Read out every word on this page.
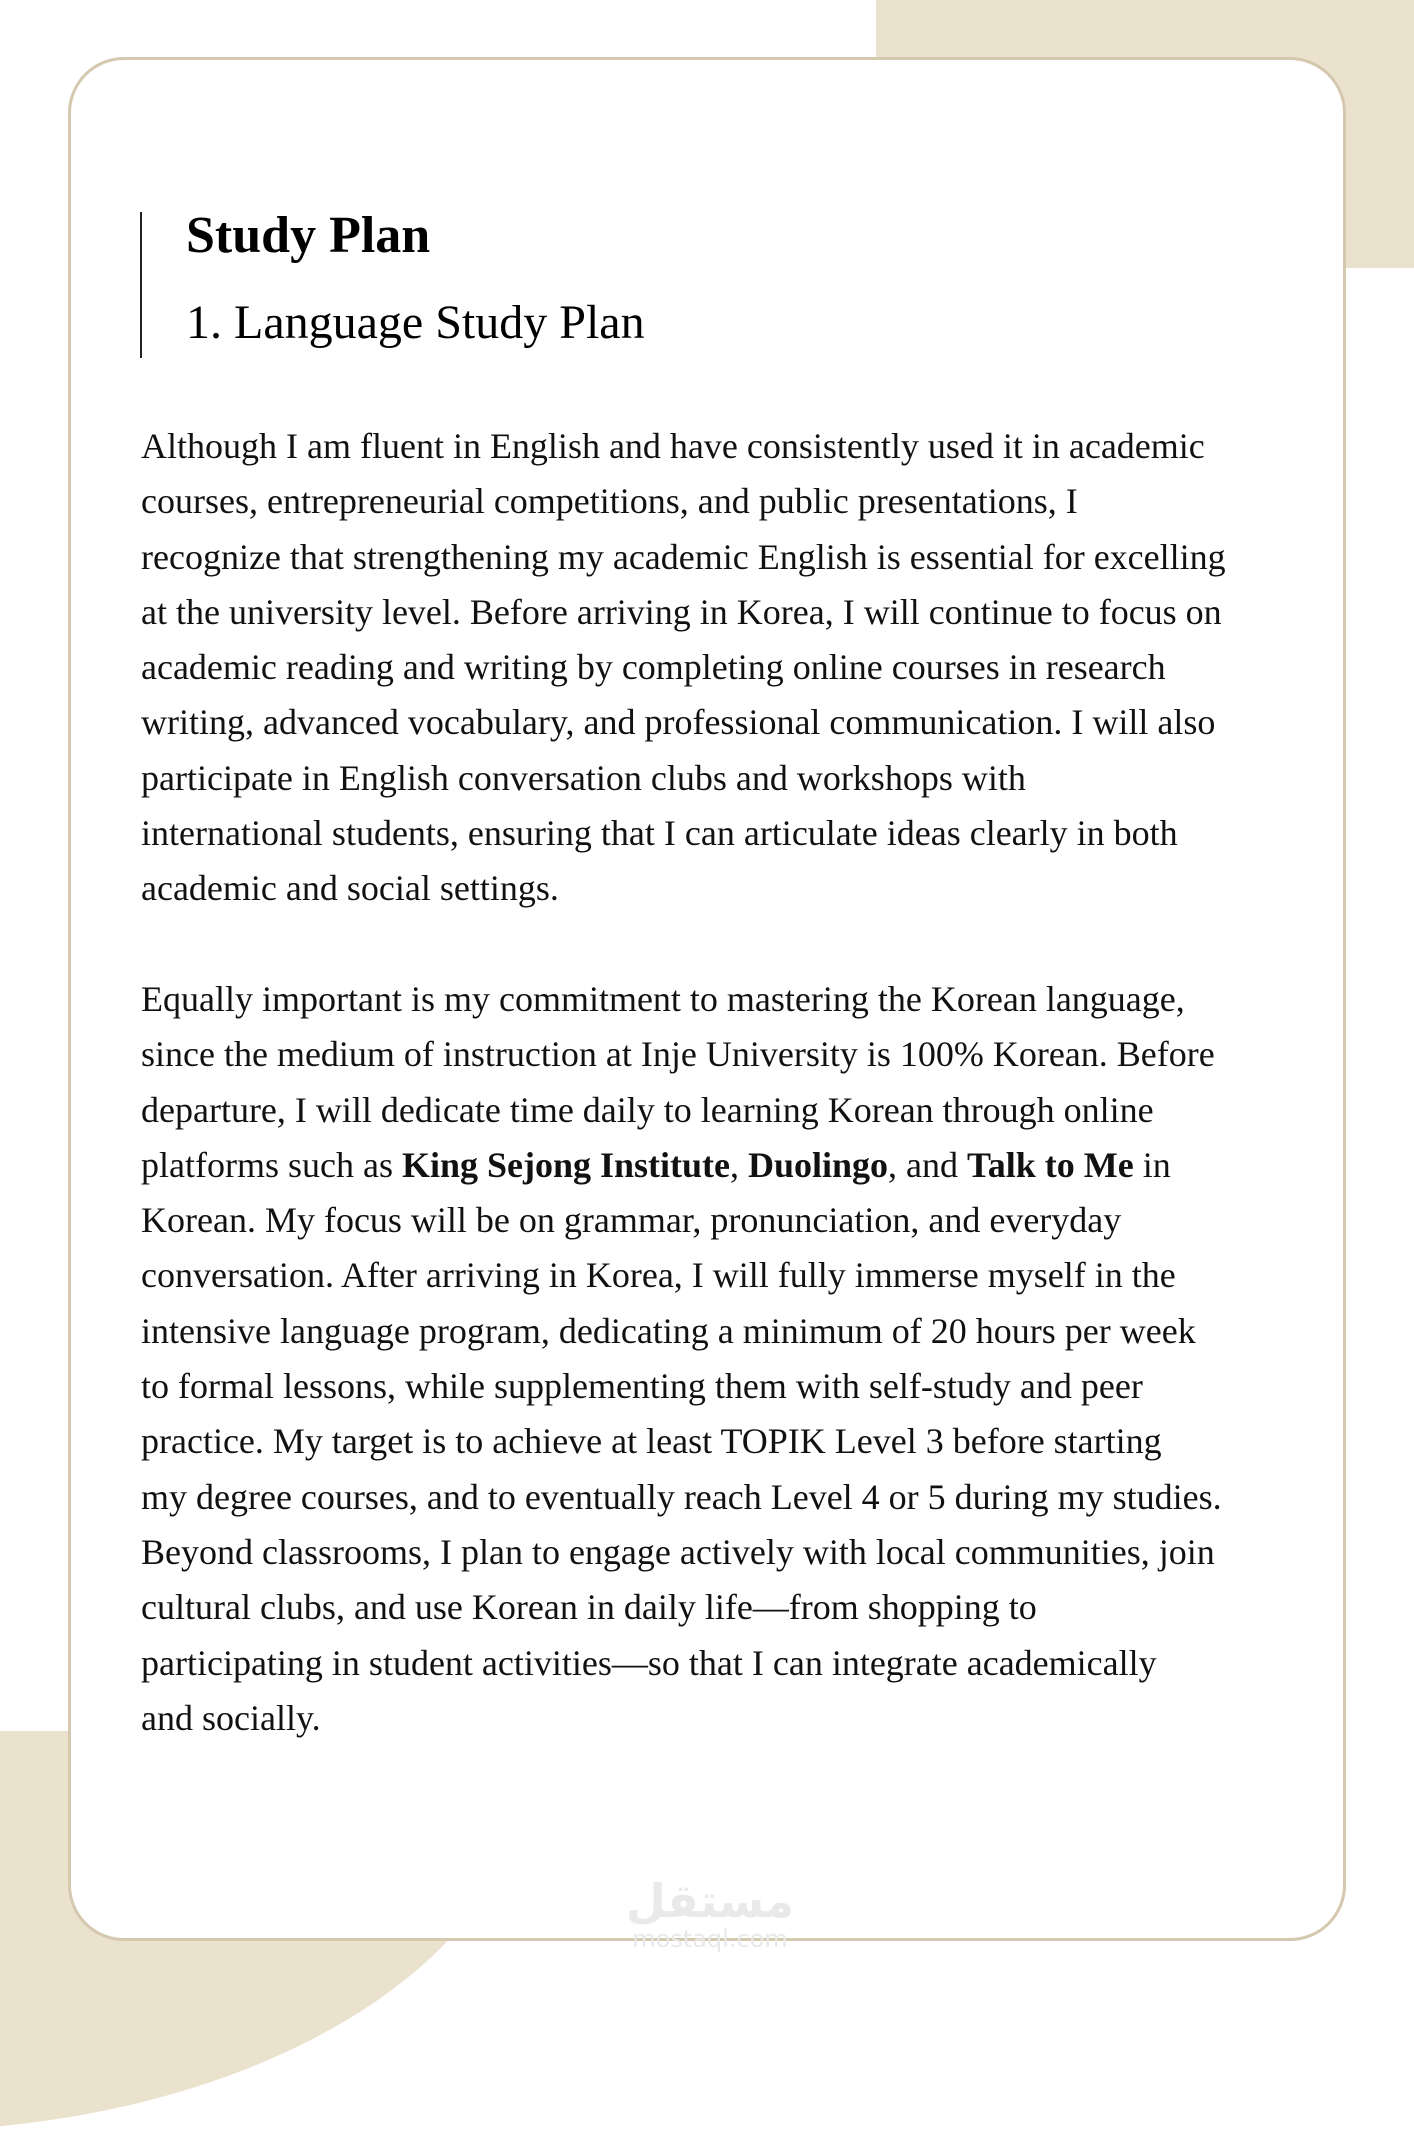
Study Plan
1. Language Study Plan
Although I am fluent in English and have consistently used it in academic
courses, entrepreneurial competitions, and public presentations, I
recognize that strengthening my academic English is essential for excelling
at the university level. Before arriving in Korea, I will continue to focus on
academic reading and writing by completing online courses in research
writing, advanced vocabulary, and professional communication. I will also
participate in English conversation clubs and workshops with
international students, ensuring that I can articulate ideas clearly in both
academic and social settings.
Equally important is my commitment to mastering the Korean language,
since the medium of instruction at Inje University is 100% Korean. Before
departure, I will dedicate time daily to learning Korean through online
platforms such as King Sejong Institute, Duolingo, and Talk to Me in
Korean. My focus will be on grammar, pronunciation, and everyday
conversation. After arriving in Korea, I will fully immerse myself in the
intensive language program, dedicating a minimum of 20 hours per week
to formal lessons, while supplementing them with self-study and peer
practice. My target is to achieve at least TOPIK Level 3 before starting
my degree courses, and to eventually reach Level 4 or 5 during my studies.
Beyond classrooms, I plan to engage actively with local communities, join
cultural clubs, and use Korean in daily life—from shopping to
participating in student activities—so that I can integrate academically
and socially.
مستقل
mostaql.com
